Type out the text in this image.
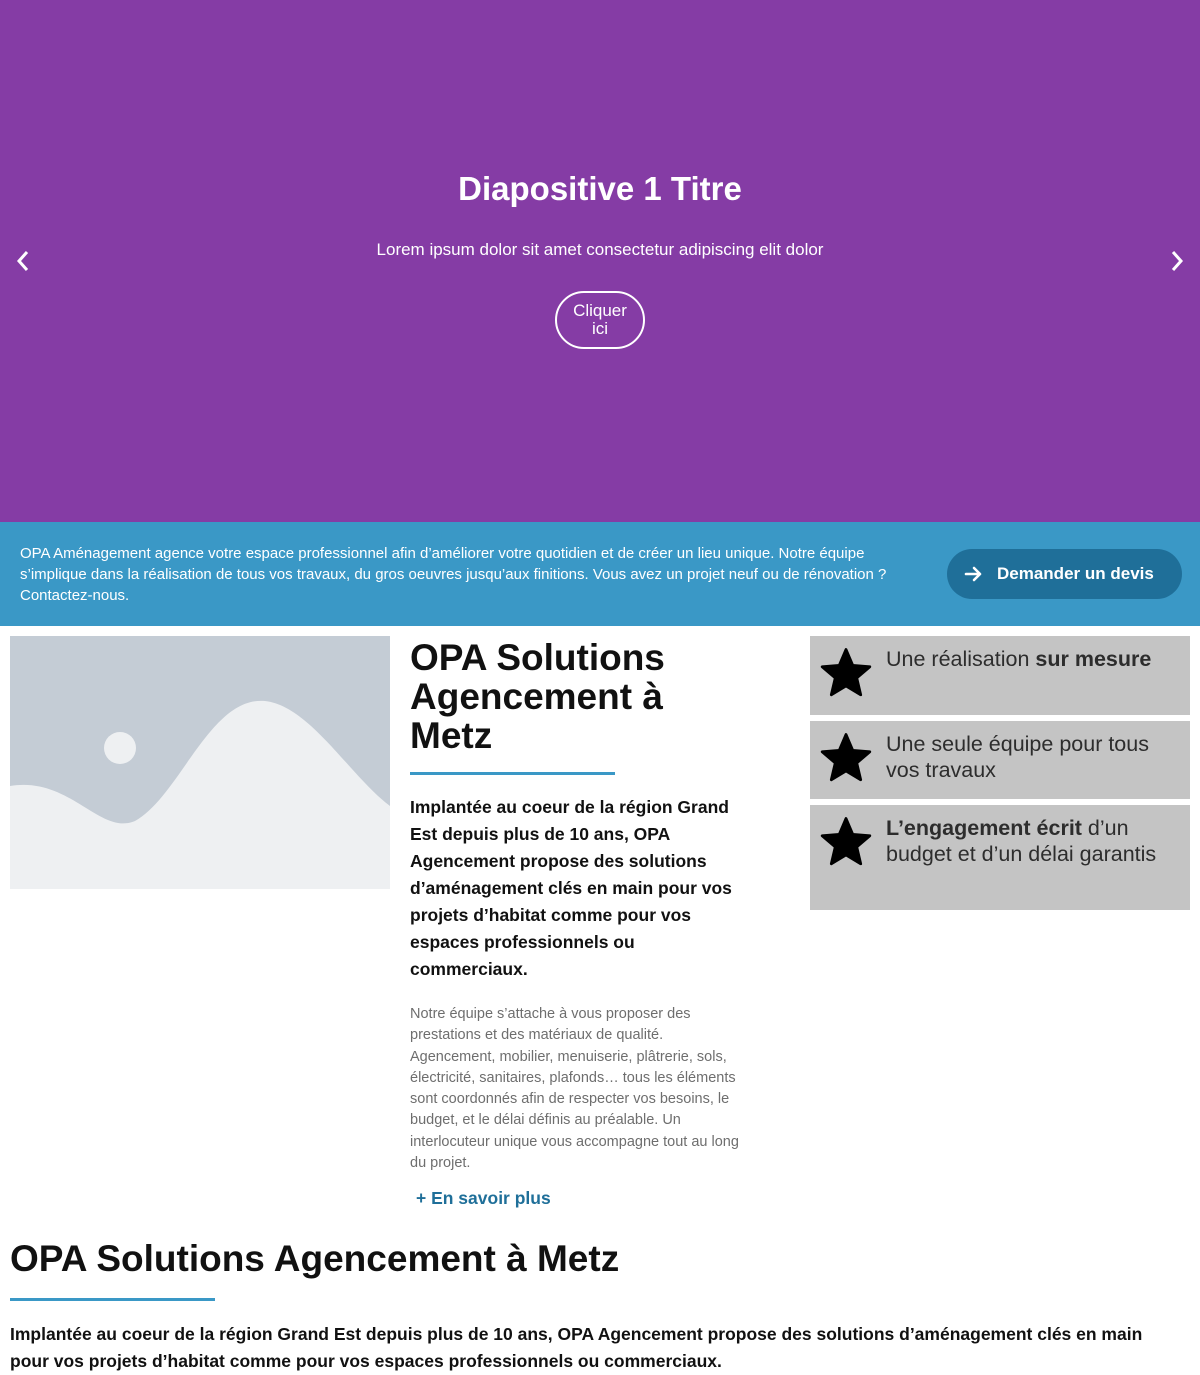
Diapositive 1 Titre

Lorem ipsum dolor sit amet consectetur adipiscing elit dolor

Cliquer ici

OPA Aménagement agence votre espace professionnel afin d’améliorer votre quotidien et de créer un lieu unique. Notre équipe s’implique dans la réalisation de tous vos travaux, du gros oeuvres jusqu’aux finitions. Vous avez un projet neuf ou de rénovation ? Contactez-nous.

Demander un devis
OPA Solutions Agencement à Metz

Implantée au coeur de la région Grand Est depuis plus de 10 ans, OPA Agencement propose des solutions d’aménagement clés en main pour vos projets d’habitat comme pour vos espaces professionnels ou commerciaux.

Notre équipe s’attache à vous proposer des prestations et des matériaux de qualité. Agencement, mobilier, menuiserie, plâtrerie, sols, électricité, sanitaires, plafonds… tous les éléments sont coordonnés afin de respecter vos besoins, le budget, et le délai définis au préalable. Un interlocuteur unique vous accompagne tout au long du projet.

+ En savoir plus
Une réalisation sur mesure
Une seule équipe pour tous vos travaux
L’engagement écrit d’un budget et d’un délai garantis
OPA Solutions Agencement à Metz

Implantée au coeur de la région Grand Est depuis plus de 10 ans, OPA Agencement propose des solutions d’aménagement clés en main pour vos projets d’habitat comme pour vos espaces professionnels ou commerciaux.
